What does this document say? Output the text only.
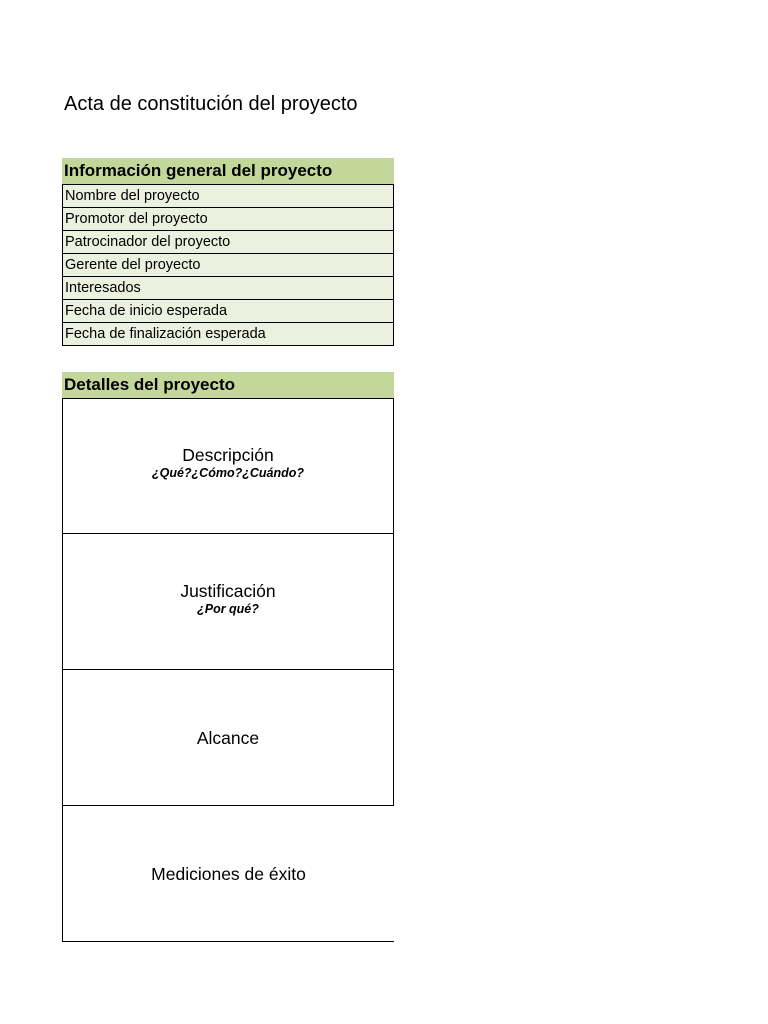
Acta de constitución del proyecto
Información general del proyecto
Nombre del proyecto
Promotor del proyecto
Patrocinador del proyecto
Gerente del proyecto
Interesados
Fecha de inicio esperada
Fecha de finalización esperada
Detalles del proyecto
Descripción
¿Qué?¿Cómo?¿Cuándo?
Justificación
¿Por qué?
Alcance
Mediciones de éxito
